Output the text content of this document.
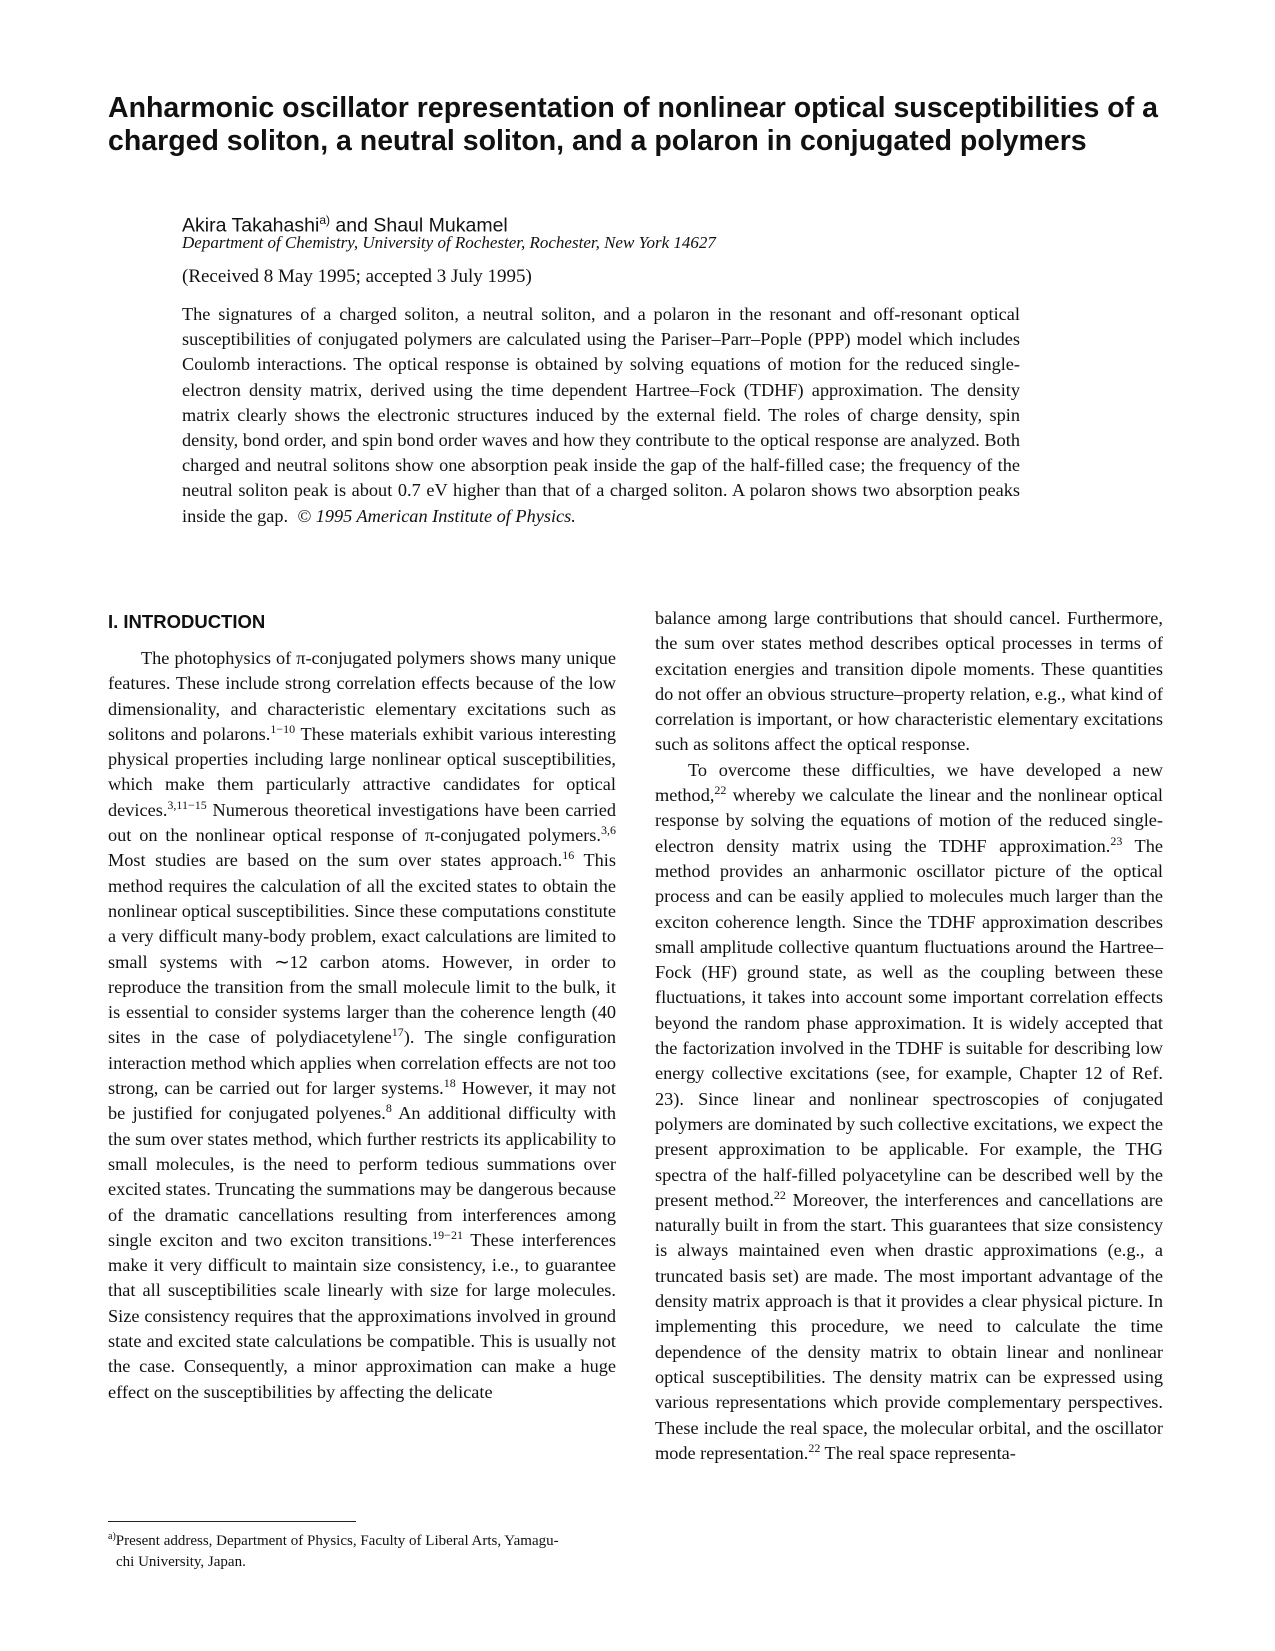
Anharmonic oscillator representation of nonlinear optical susceptibilities of a charged soliton, a neutral soliton, and a polaron in conjugated polymers
Akira Takahashi$^{a)}$ and Shaul Mukamel
Department of Chemistry, University of Rochester, Rochester, New York 14627
(Received 8 May 1995; accepted 3 July 1995)

The signatures of a charged soliton, a neutral soliton, and a polaron in the resonant and off-resonant optical susceptibilities of conjugated polymers are calculated using the Pariser–Parr–Pople (PPP) model which includes Coulomb interactions. The optical response is obtained by solving equations of motion for the reduced single-electron density matrix, derived using the time dependent Hartree–Fock (TDHF) approximation. The density matrix clearly shows the electronic structures induced by the external field. The roles of charge density, spin density, bond order, and spin bond order waves and how they contribute to the optical response are analyzed. Both charged and neutral solitons show one absorption peak inside the gap of the half-filled case; the frequency of the neutral soliton peak is about 0.7 eV higher than that of a charged soliton. A polaron shows two absorption peaks inside the gap. © 1995 American Institute of Physics.

I. INTRODUCTION

The photophysics of π-conjugated polymers shows many unique features. These include strong correlation effects because of the low dimensionality, and characteristic elementary excitations such as solitons and polarons.$^{1-10}$ These materials exhibit various interesting physical properties including large nonlinear optical susceptibilities, which make them particularly attractive candidates for optical devices.$^{3,11-15}$ Numerous theoretical investigations have been carried out on the nonlinear optical response of π-conjugated polymers.$^{3,6}$ Most studies are based on the sum over states approach.$^{16}$ This method requires the calculation of all the excited states to obtain the nonlinear optical susceptibilities. Since these computations constitute a very difficult many-body problem, exact calculations are limited to small systems with ∼12 carbon atoms. However, in order to reproduce the transition from the small molecule limit to the bulk, it is essential to consider systems larger than the coherence length (40 sites in the case of polydiacetylene$^{17}$). The single configuration interaction method which applies when correlation effects are not too strong, can be carried out for larger systems.$^{18}$ However, it may not be justified for conjugated polyenes.$^8$ An additional difficulty with the sum over states method, which further restricts its applicability to small molecules, is the need to perform tedious summations over excited states. Truncating the summations may be dangerous because of the dramatic cancellations resulting from interferences among single exciton and two exciton transitions.$^{19-21}$ These interferences make it very difficult to maintain size consistency, i.e., to guarantee that all susceptibilities scale linearly with size for large molecules. Size consistency requires that the approximations involved in ground state and excited state calculations be compatible. This is usually not the case. Consequently, a minor approximation can make a huge effect on the susceptibilities by affecting the delicate

balance among large contributions that should cancel. Furthermore, the sum over states method describes optical processes in terms of excitation energies and transition dipole moments. These quantities do not offer an obvious structure–property relation, e.g., what kind of correlation is important, or how characteristic elementary excitations such as solitons affect the optical response.

To overcome these difficulties, we have developed a new method,$^{22}$ whereby we calculate the linear and the nonlinear optical response by solving the equations of motion of the reduced single-electron density matrix using the TDHF approximation.$^{23}$ The method provides an anharmonic oscillator picture of the optical process and can be easily applied to molecules much larger than the exciton coherence length. Since the TDHF approximation describes small amplitude collective quantum fluctuations around the Hartree–Fock (HF) ground state, as well as the coupling between these fluctuations, it takes into account some important correlation effects beyond the random phase approximation. It is widely accepted that the factorization involved in the TDHF is suitable for describing low energy collective excitations (see, for example, Chapter 12 of Ref. 23). Since linear and nonlinear spectroscopies of conjugated polymers are dominated by such collective excitations, we expect the present approximation to be applicable. For example, the THG spectra of the half-filled polyacetyline can be described well by the present method.$^{22}$ Moreover, the interferences and cancellations are naturally built in from the start. This guarantees that size consistency is always maintained even when drastic approximations (e.g., a truncated basis set) are made. The most important advantage of the density matrix approach is that it provides a clear physical picture. In implementing this procedure, we need to calculate the time dependence of the density matrix to obtain linear and nonlinear optical susceptibilities. The density matrix can be expressed using various representations which provide complementary perspectives. These include the real space, the molecular orbital, and the oscillator mode representation.$^{22}$ The real space representa-

$^{a)}$Present address, Department of Physics, Faculty of Liberal Arts, Yamagu-
chi University, Japan.
